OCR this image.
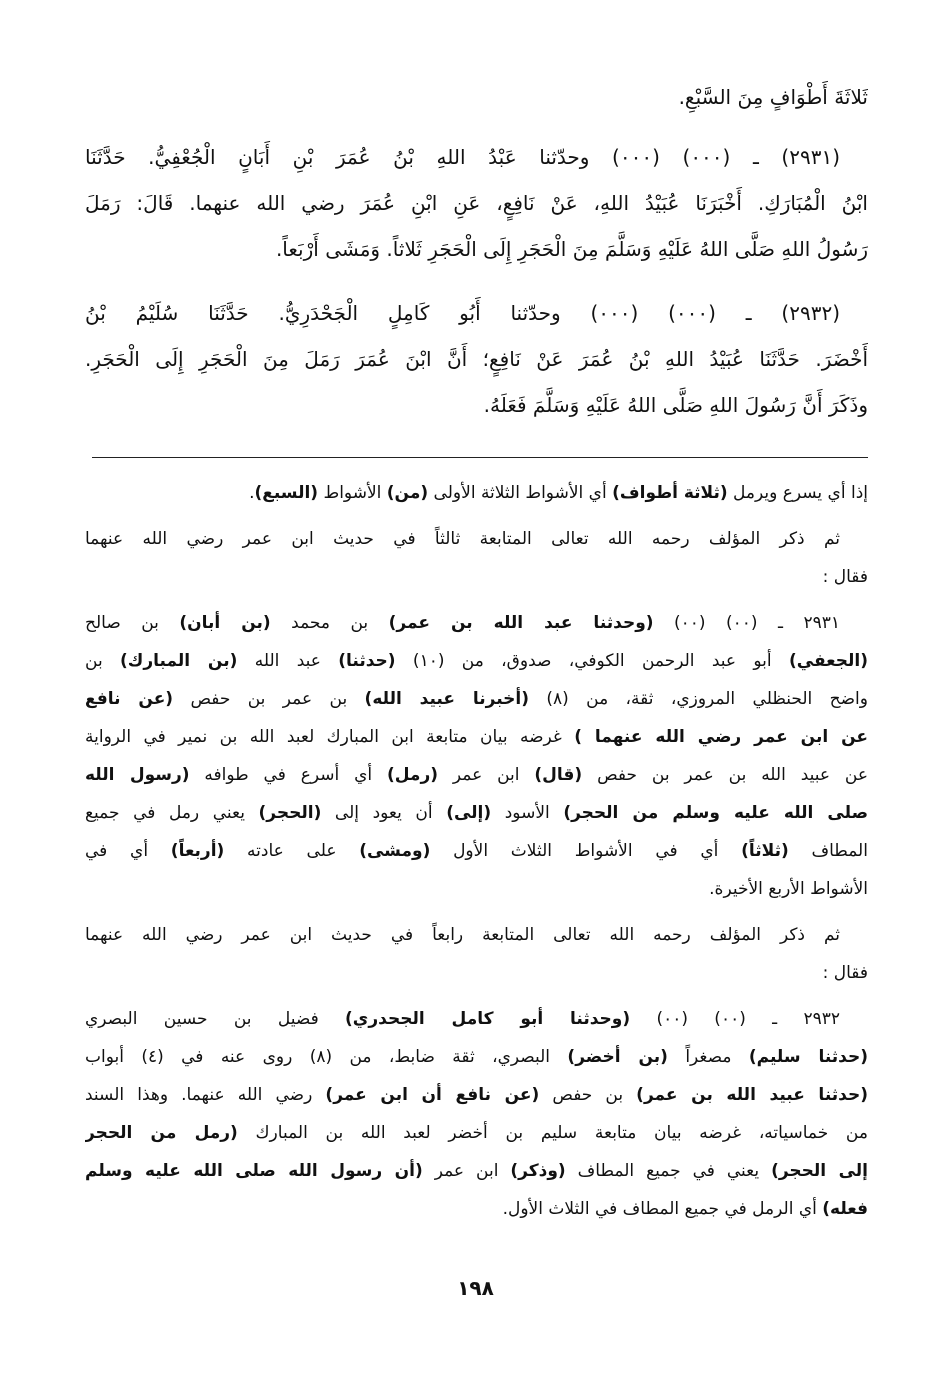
ثَلاثَةَ أَطْوَافٍ مِنَ السَّبْعِ.
(٢٩٣١) ـ (٠٠٠) (٠٠٠) وحدّثنا عَبْدُ اللهِ بْنُ عُمَرَ بْنِ أَبَانٍ الْجُعْفِيُّ. حَدَّثَنَا
ابْنُ الْمُبَارَكِ. أَخْبَرَنَا عُبَيْدُ اللهِ، عَنْ نَافِعٍ، عَنِ ابْنِ عُمَرَ رضي الله عنهما. قَالَ: رَمَلَ
رَسُولُ اللهِ صَلَّى اللهُ عَلَيْهِ وَسَلَّمَ مِنَ الْحَجَرِ إِلَى الْحَجَرِ ثَلاثاً. وَمَشَى أَرْبَعاً.
(٢٩٣٢) ـ (٠٠٠) (٠٠٠) وحدّثنا أَبُو كَامِلٍ الْجَحْدَرِيُّ. حَدَّثَنَا سُلَيْمُ بْنُ
أَخْضَرَ. حَدَّثَنَا عُبَيْدُ اللهِ بْنُ عُمَرَ عَنْ نَافِعٍ؛ أَنَّ ابْنَ عُمَرَ رَمَلَ مِنَ الْحَجَرِ إِلَى الْحَجَرِ.
وذَكَرَ أَنَّ رَسُولَ اللهِ صَلَّى اللهُ عَلَيْهِ وَسَلَّمَ فَعَلَهُ.
إذا أي يسرع ويرمل (ثلاثة أطواف) أي الأشواط الثلاثة الأولى (من) الأشواط (السبع).
ثم ذكر المؤلف رحمه الله تعالى المتابعة ثالثاً في حديث ابن عمر رضي الله عنهما
فقال :
٢٩٣١ ـ (٠٠) (٠٠) (وحدثنا عبد الله بن عمر) بن محمد (بن أبان) بن صالح
(الجعفي) أبو عبد الرحمن الكوفي، صدوق، من (١٠) (حدثنا) عبد الله (بن المبارك) بن
واضح الحنظلي المروزي، ثقة، من (٨) (أخبرنا عبيد الله) بن عمر بن حفص (عن نافع
عن ابن عمر رضي الله عنهما ) غرضه بيان متابعة ابن المبارك لعبد الله بن نمير في الرواية
عن عبيد الله بن عمر بن حفص (قال) ابن عمر (رمل) أي أسرع في طوافه (رسول الله
صلى الله عليه وسلم من الحجر) الأسود (إلى) أن يعود إلى (الحجر) يعني رمل في جميع
المطاف (ثلاثاً) أي في الأشواط الثلاث الأول (ومشى) على عادته (أربعاً) أي في
الأشواط الأربع الأخيرة.
ثم ذكر المؤلف رحمه الله تعالى المتابعة رابعاً في حديث ابن عمر رضي الله عنهما
فقال :
٢٩٣٢ ـ (٠٠) (٠٠) (وحدثنا أبو كامل الجحدري) فضيل بن حسين البصري
(حدثنا سليم) مصغراً (بن أخضر) البصري، ثقة ضابط، من (٨) روى عنه في (٤) أبواب
(حدثنا عبيد الله بن عمر) بن حفص (عن نافع أن ابن عمر) رضي الله عنهما. وهذا السند
من خماسياته، غرضه بيان متابعة سليم بن أخضر لعبد الله بن المبارك (رمل من الحجر
إلى الحجر) يعني في جميع المطاف (وذكر) ابن عمر (أن رسول الله صلى الله عليه وسلم
فعله) أي الرمل في جميع المطاف في الثلاث الأول.
١٩٨
